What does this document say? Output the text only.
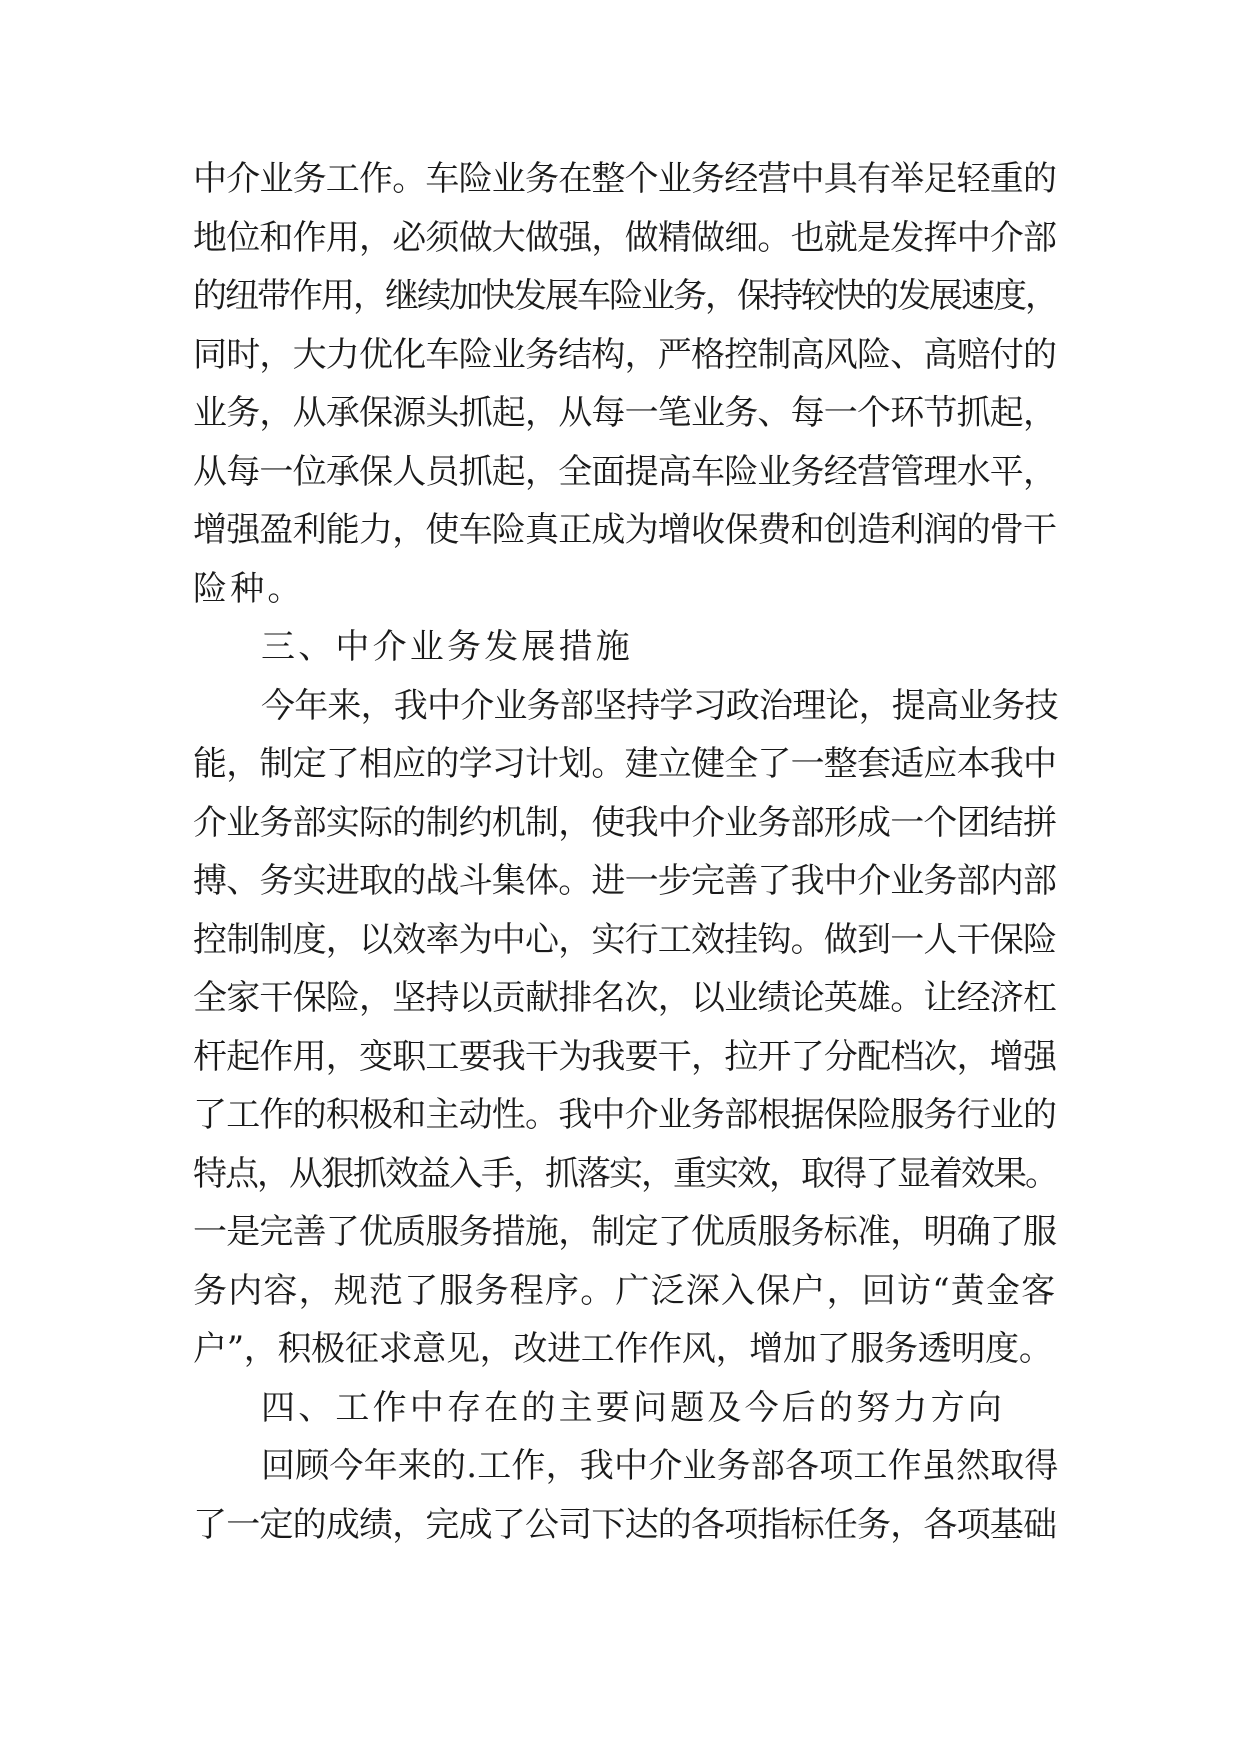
中介业务工作。车险业务在整个业务经营中具有举足轻重的
地位和作用，必须做大做强，做精做细。也就是发挥中介部
的纽带作用，继续加快发展车险业务，保持较快的发展速度，
同时，大力优化车险业务结构，严格控制高风险、高赔付的
业务，从承保源头抓起，从每一笔业务、每一个环节抓起，
从每一位承保人员抓起，全面提高车险业务经营管理水平，
增强盈利能力，使车险真正成为增收保费和创造利润的骨干
险种。
三、中介业务发展措施
今年来，我中介业务部坚持学习政治理论，提高业务技
能，制定了相应的学习计划。建立健全了一整套适应本我中
介业务部实际的制约机制，使我中介业务部形成一个团结拼
搏、务实进取的战斗集体。进一步完善了我中介业务部内部
控制制度，以效率为中心，实行工效挂钩。做到一人干保险
全家干保险，坚持以贡献排名次，以业绩论英雄。让经济杠
杆起作用，变职工要我干为我要干，拉开了分配档次，增强
了工作的积极和主动性。我中介业务部根据保险服务行业的
特点，从狠抓效益入手，抓落实，重实效，取得了显着效果。
一是完善了优质服务措施，制定了优质服务标准，明确了服
务内容，规范了服务程序。广泛深入保户，回访“黄金客
户”，积极征求意见，改进工作作风，增加了服务透明度。
四、工作中存在的主要问题及今后的努力方向
回顾今年来的.工作，我中介业务部各项工作虽然取得
了一定的成绩，完成了公司下达的各项指标任务，各项基础
